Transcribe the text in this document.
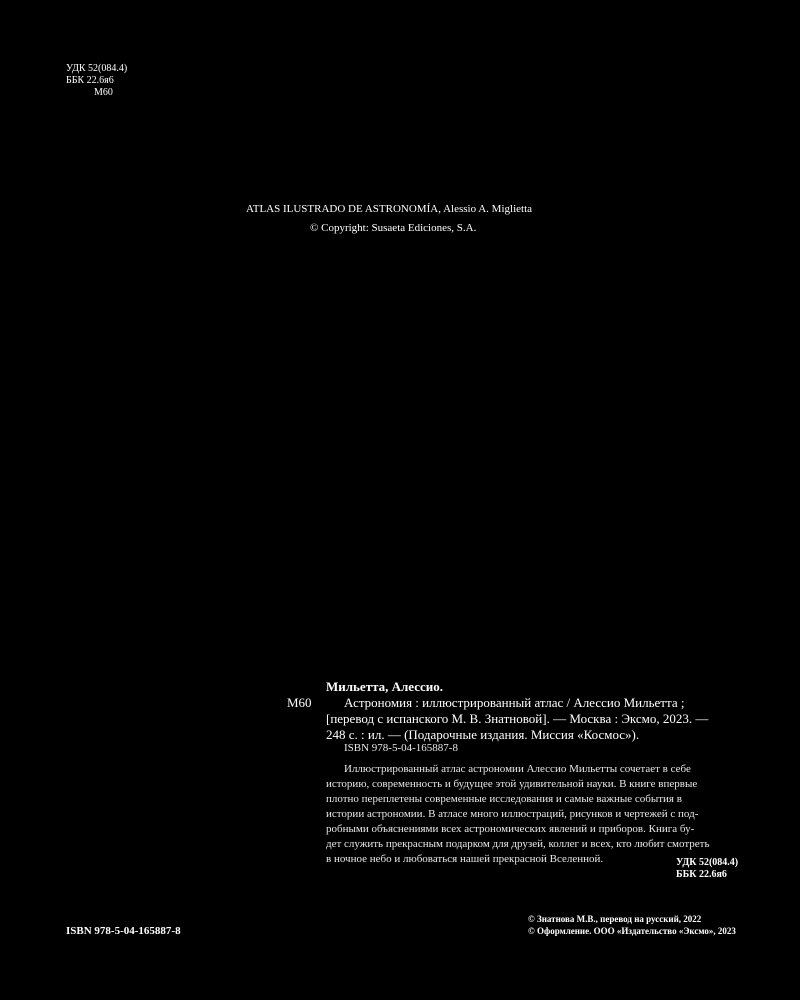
УДК 52(084.4)
ББК 22.6я6
М60
ATLAS ILUSTRADO DE ASTRONOMÍA, Alessio A. Miglietta
© Copyright: Susaeta Ediciones, S.A.
М60
Мильетта, Алессио.
Астрономия : иллюстрированный атлас / Алессио Мильетта ;
[перевод с испанского М. В. Знатновой]. — Москва : Эксмо, 2023. —
248 с. : ил. — (Подарочные издания. Миссия «Космос»).
ISBN 978-5-04-165887-8
Иллюстрированный атлас астрономии Алессио Мильетты сочетает в себе
историю, современность и будущее этой удивительной науки. В книге впервые
плотно переплетены современные исследования и самые важные события в
истории астрономии. В атласе много иллюстраций, рисунков и чертежей с под-
робными объяснениями всех астрономических явлений и приборов. Книга бу-
дет служить прекрасным подарком для друзей, коллег и всех, кто любит смотреть
в ночное небо и любоваться нашей прекрасной Вселенной.	УДК 52(084.4)
ББК 22.6я6
ISBN 978-5-04-165887-8
© Знатнова М.В., перевод на русский, 2022
© Оформление. ООО «Издательство «Эксмо», 2023
